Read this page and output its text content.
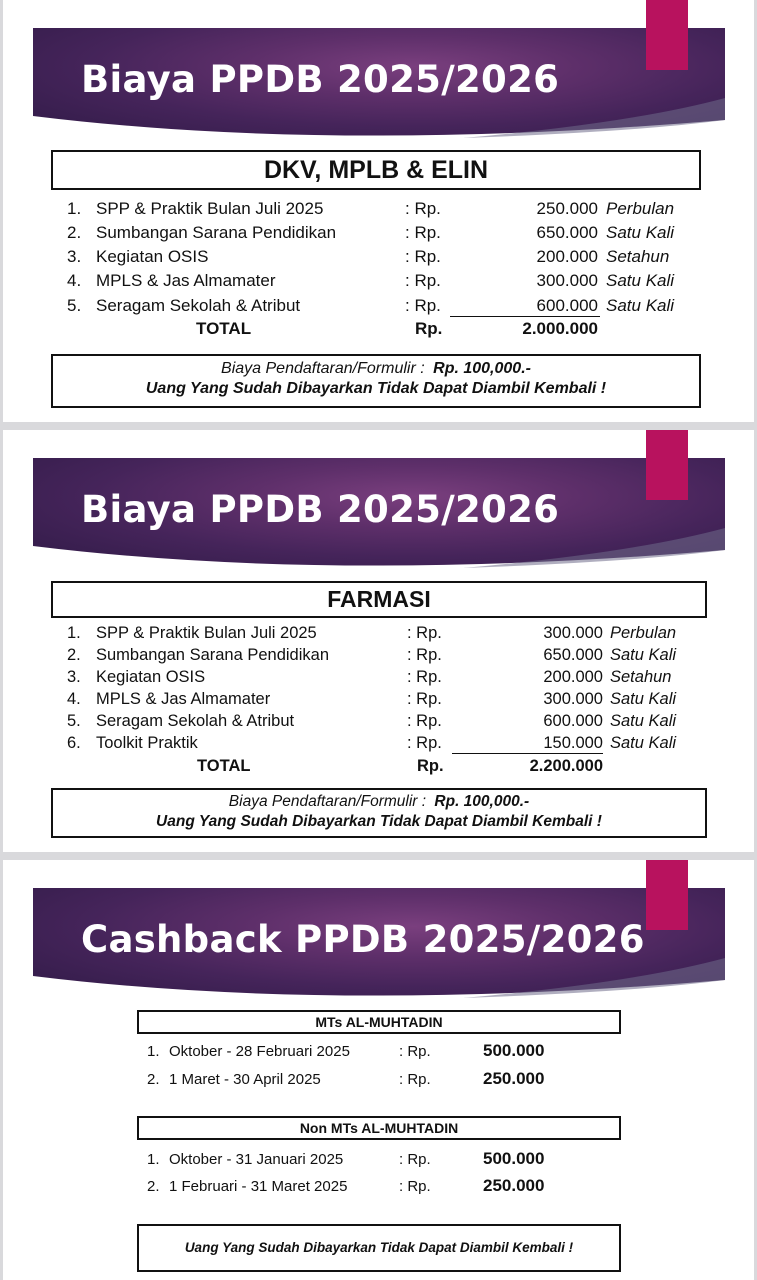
Biaya PPDB 2025/2026
DKV, MPLB & ELIN
1. SPP & Praktik Bulan Juli 2025	: Rp.	250.000 Perbulan
2. Sumbangan Sarana Pendidikan	: Rp.	650.000 Satu Kali
3. Kegiatan OSIS	: Rp.	200.000 Setahun
4. MPLS & Jas Almamater	: Rp.	300.000 Satu Kali
5. Seragam Sekolah & Atribut	: Rp.	600.000 Satu Kali
TOTAL	Rp.	2.000.000
Biaya Pendaftaran/Formulir : Rp. 100,000.-
Uang Yang Sudah Dibayarkan Tidak Dapat Diambil Kembali !
Biaya PPDB 2025/2026
FARMASI
1. SPP & Praktik Bulan Juli 2025	: Rp.	300.000 Perbulan
2. Sumbangan Sarana Pendidikan	: Rp.	650.000 Satu Kali
3. Kegiatan OSIS	: Rp.	200.000 Setahun
4. MPLS & Jas Almamater	: Rp.	300.000 Satu Kali
5. Seragam Sekolah & Atribut	: Rp.	600.000 Satu Kali
6. Toolkit Praktik	: Rp.	150.000 Satu Kali
TOTAL	Rp.	2.200.000
Biaya Pendaftaran/Formulir : Rp. 100,000.-
Uang Yang Sudah Dibayarkan Tidak Dapat Diambil Kembali !
Cashback PPDB 2025/2026
MTs AL-MUHTADIN
1. Oktober - 28 Februari 2025	: Rp.	500.000
2. 1 Maret - 30 April 2025	: Rp.	250.000
Non MTs AL-MUHTADIN
1. Oktober - 31 Januari 2025	: Rp.	500.000
2. 1 Februari - 31 Maret 2025	: Rp.	250.000
Uang Yang Sudah Dibayarkan Tidak Dapat Diambil Kembali !
